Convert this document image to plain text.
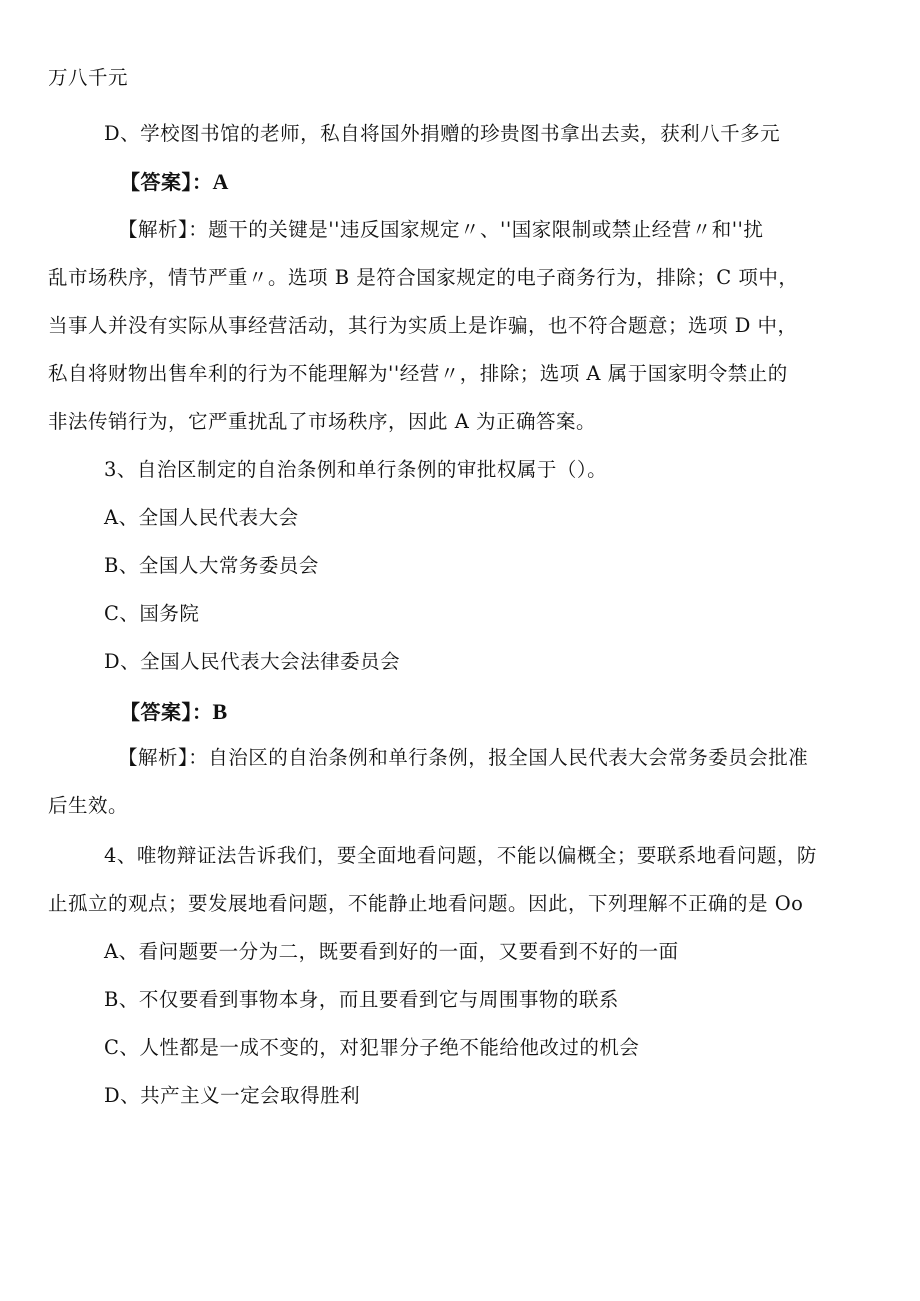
万八千元
D、学校图书馆的老师，私自将国外捐赠的珍贵图书拿出去卖，获利八千多元
【答案】：A
【解析】：题干的关键是''违反国家规定〃、''国家限制或禁止经营〃和''扰
乱市场秩序，情节严重〃。选项 B 是符合国家规定的电子商务行为，排除；C 项中，
当事人并没有实际从事经营活动，其行为实质上是诈骗，也不符合题意；选项 D 中，
私自将财物出售牟利的行为不能理解为''经营〃，排除；选项 A 属于国家明令禁止的
非法传销行为，它严重扰乱了市场秩序，因此 A 为正确答案。
3、自治区制定的自治条例和单行条例的审批权属于（）。
A、全国人民代表大会
B、全国人大常务委员会
C、国务院
D、全国人民代表大会法律委员会
【答案】：B
【解析】：自治区的自治条例和单行条例，报全国人民代表大会常务委员会批准
后生效。
4、唯物辩证法告诉我们，要全面地看问题，不能以偏概全；要联系地看问题，防
止孤立的观点；要发展地看问题，不能静止地看问题。因此，下列理解不正确的是 Oo
A、看问题要一分为二，既要看到好的一面，又要看到不好的一面
B、不仅要看到事物本身，而且要看到它与周围事物的联系
C、人性都是一成不变的，对犯罪分子绝不能给他改过的机会
D、共产主义一定会取得胜利
